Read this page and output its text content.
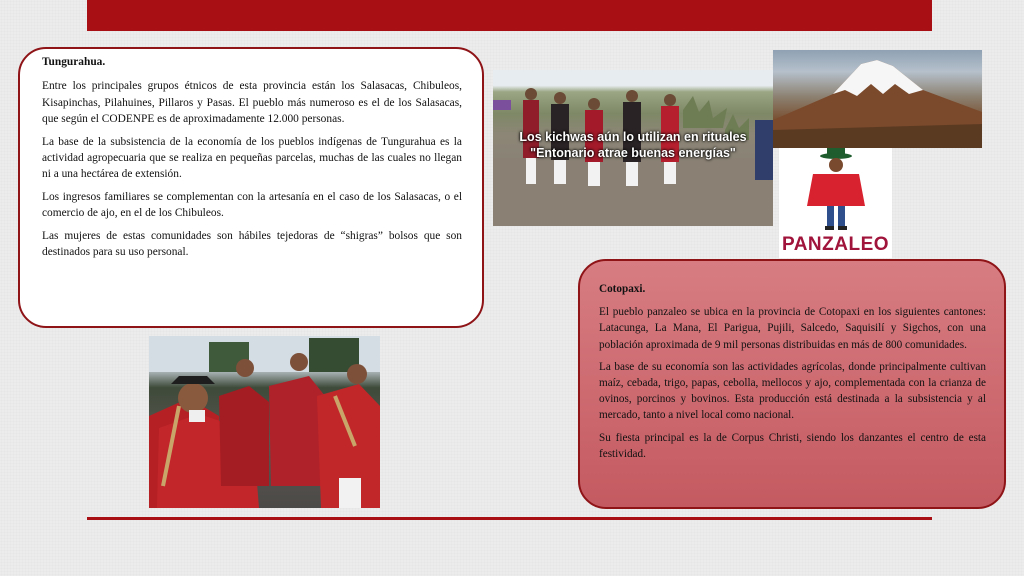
Tungurahua.

Entre los principales grupos étnicos de esta provincia están los Salasacas, Chibuleos, Kisapinchas, Pilahuines, Pillaros y Pasas. El pueblo más numeroso es el de los Salasacas, que según el CODENPE es de aproximadamente 12.000 personas.

La base de la subsistencia de la economía de los pueblos indígenas de Tungurahua es la actividad agropecuaria que se realiza en pequeñas parcelas, muchas de las cuales no llegan ni a una hectárea de extensión.

Los ingresos familiares se complementan con la artesanía en el caso de los Salasacas, o el comercio de ajo, en el de los Chibuleos.

Las mujeres de estas comunidades son hábiles tejedoras de “shigras” bolsos que son destinados para su uso personal.

Los kichwas aún lo utilizan en rituales
"Entonario atrae buenas energías"
PANZALEO
Cotopaxi.

El pueblo panzaleo se ubica en la provincia de Cotopaxi en los siguientes cantones: Latacunga, La Mana, El Parigua, Pujili, Salcedo, Saquisilí y Sigchos, con una población aproximada de 9 mil personas distribuidas en más de 800 comunidades.

La base de su economía son las actividades agrícolas, donde principalmente cultivan maíz, cebada, trigo, papas, cebolla, mellocos y ajo, complementada con la crianza de ovinos, porcinos y bovinos. Esta producción está destinada a la subsistencia y al mercado, tanto a nivel local como nacional.

Su fiesta principal es la de Corpus Christi, siendo los danzantes el centro de esta festividad.
